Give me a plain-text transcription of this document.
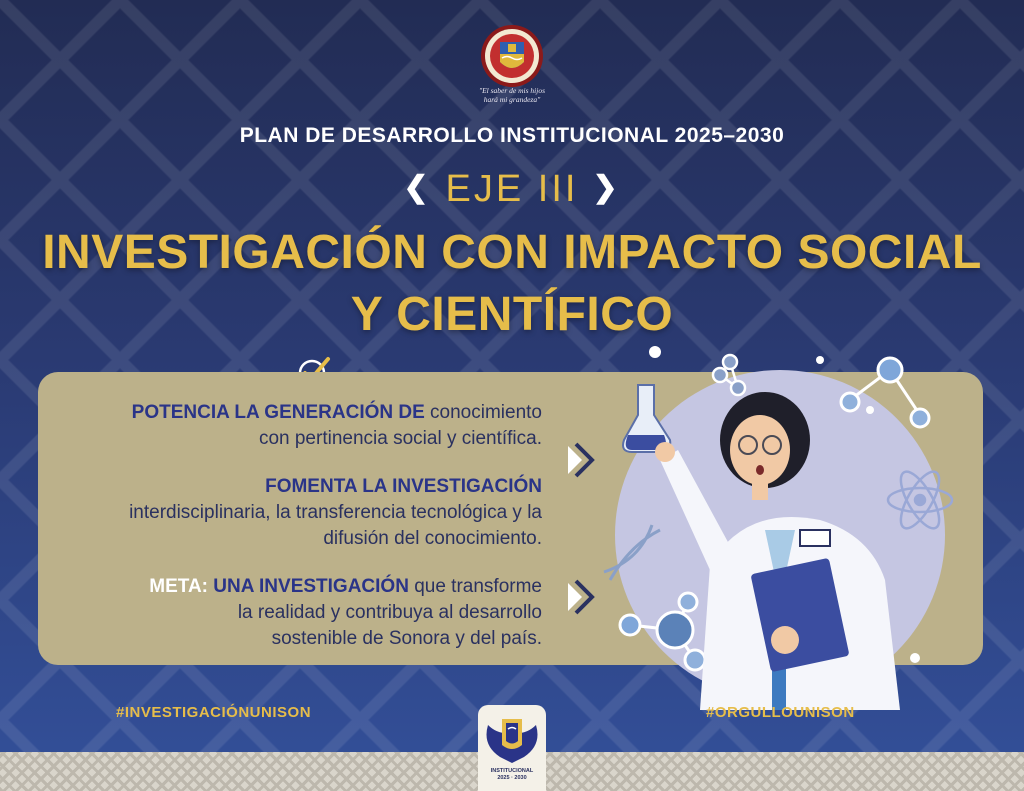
"El saber de mis hijos
hará mi grandeza"
PLAN DE DESARROLLO INSTITUCIONAL 2025–2030
❮ EJE III ❯
INVESTIGACIÓN CON IMPACTO SOCIAL
Y CIENTÍFICO
POTENCIA LA GENERACIÓN DE conocimiento
con pertinencia social y científica.
FOMENTA LA INVESTIGACIÓN
interdisciplinaria, la transferencia tecnológica y la
difusión del conocimiento.
META: UNA INVESTIGACIÓN que transforme
la realidad y contribuya al desarrollo
sostenible de Sonora y del país.
#INVESTIGACIÓNUNISON	#ORGULLOUNISON
INSTITUCIONAL
2025 · 2030
